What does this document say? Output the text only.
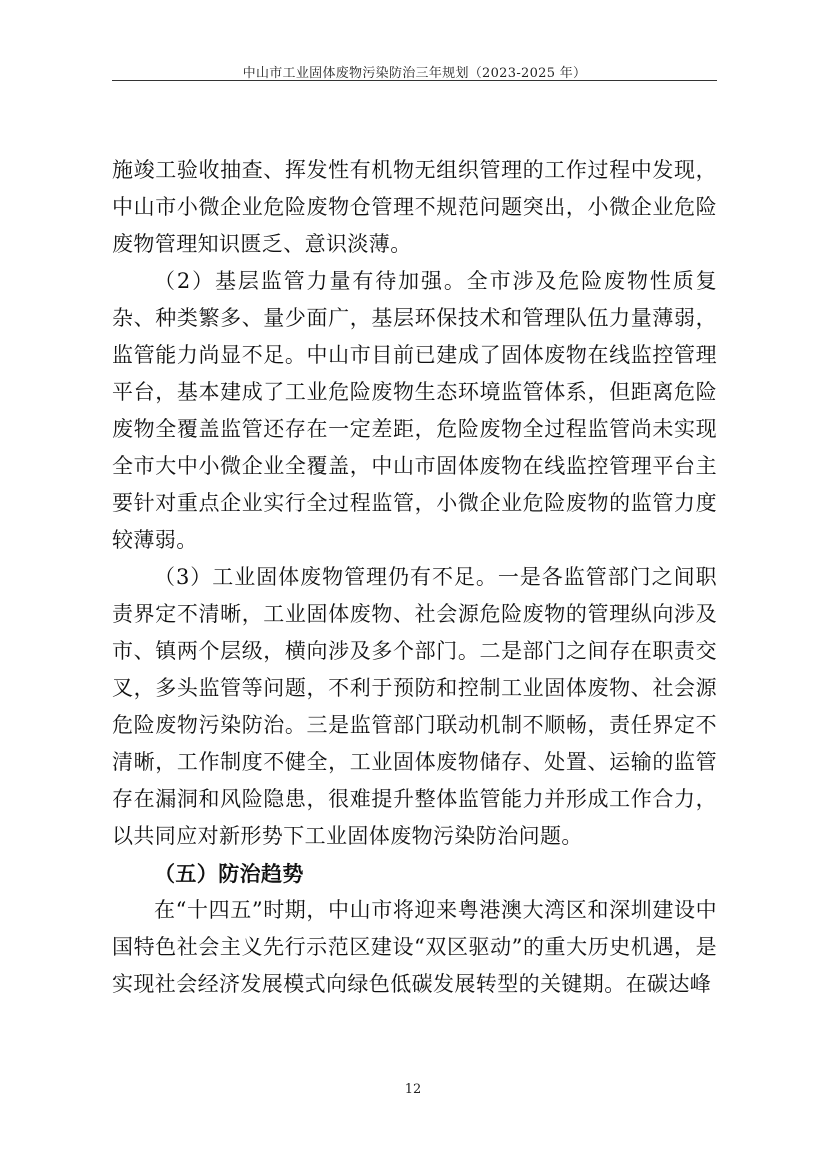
中山市工业固体废物污染防治三年规划（2023-2025 年）

施竣工验收抽查、挥发性有机物无组织管理的工作过程中发现，中山市小微企业危险废物仓管理不规范问题突出，小微企业危险废物管理知识匮乏、意识淡薄。

（2）基层监管力量有待加强。全市涉及危险废物性质复杂、种类繁多、量少面广，基层环保技术和管理队伍力量薄弱，监管能力尚显不足。中山市目前已建成了固体废物在线监控管理平台，基本建成了工业危险废物生态环境监管体系，但距离危险废物全覆盖监管还存在一定差距，危险废物全过程监管尚未实现全市大中小微企业全覆盖，中山市固体废物在线监控管理平台主要针对重点企业实行全过程监管，小微企业危险废物的监管力度较薄弱。

（3）工业固体废物管理仍有不足。一是各监管部门之间职责界定不清晰，工业固体废物、社会源危险废物的管理纵向涉及市、镇两个层级，横向涉及多个部门。二是部门之间存在职责交叉，多头监管等问题，不利于预防和控制工业固体废物、社会源危险废物污染防治。三是监管部门联动机制不顺畅，责任界定不清晰，工作制度不健全，工业固体废物储存、处置、运输的监管存在漏洞和风险隐患，很难提升整体监管能力并形成工作合力，以共同应对新形势下工业固体废物污染防治问题。

（五）防治趋势

在“十四五”时期，中山市将迎来粤港澳大湾区和深圳建设中国特色社会主义先行示范区建设“双区驱动”的重大历史机遇，是实现社会经济发展模式向绿色低碳发展转型的关键期。在碳达峰

12
